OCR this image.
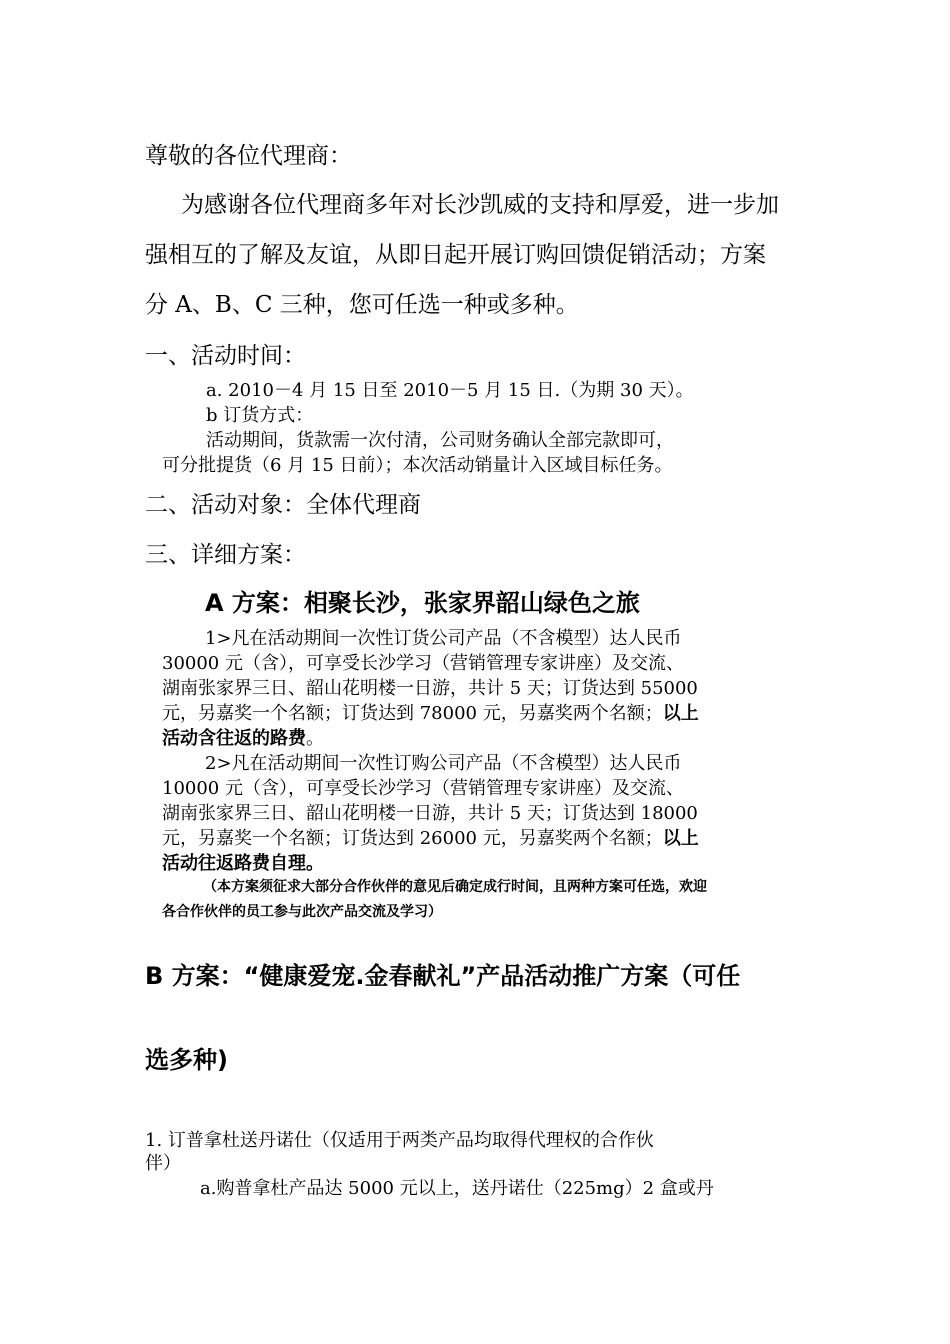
尊敬的各位代理商：
为感谢各位代理商多年对长沙凯威的支持和厚爱，进一步加
强相互的了解及友谊，从即日起开展订购回馈促销活动；方案
分 A、B、C 三种，您可任选一种或多种。
一、活动时间：
a. 2010－4 月 15 日至 2010－5 月 15 日.（为期 30 天）。
b 订货方式：
活动期间，货款需一次付清，公司财务确认全部完款即可，
可分批提货（6 月 15 日前）；本次活动销量计入区域目标任务。
二、活动对象：全体代理商
三、详细方案：
A 方案：相聚长沙，张家界韶山绿色之旅
1>凡在活动期间一次性订货公司产品（不含模型）达人民币
30000 元（含），可享受长沙学习（营销管理专家讲座）及交流、
湖南张家界三日、韶山花明楼一日游，共计 5 天；订货达到 55000
元，另嘉奖一个名额；订货达到 78000 元，另嘉奖两个名额；以上
活动含往返的路费。
2>凡在活动期间一次性订购公司产品（不含模型）达人民币
10000 元（含），可享受长沙学习（营销管理专家讲座）及交流、
湖南张家界三日、韶山花明楼一日游，共计 5 天；订货达到 18000
元，另嘉奖一个名额；订货达到 26000 元，另嘉奖两个名额；以上
活动往返路费自理。
（本方案须征求大部分合作伙伴的意见后确定成行时间，且两种方案可任选，欢迎
各合作伙伴的员工参与此次产品交流及学习）
B 方案：“健康爱宠.金春献礼”产品活动推广方案（可任
选多种)
1. 订普拿杜送丹诺仕（仅适用于两类产品均取得代理权的合作伙
伴）
a.购普拿杜产品达 5000 元以上，送丹诺仕（225mg）2 盒或丹
